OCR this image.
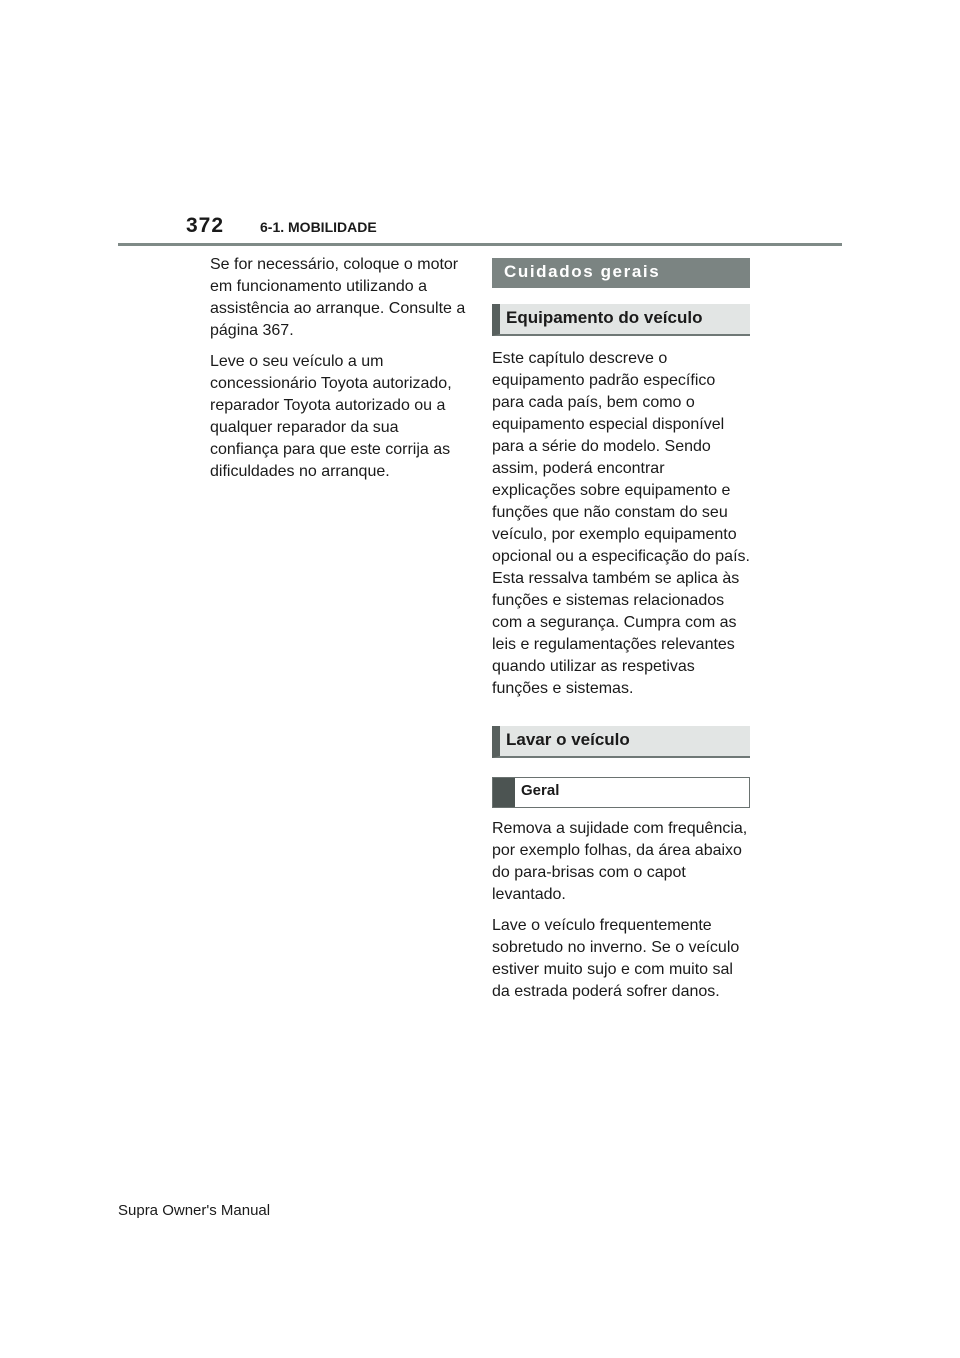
372	6-1. MOBILIDADE

Se for necessário, coloque o motor em funcionamento utilizando a assistência ao arranque. Consulte a página 367.

Leve o seu veículo a um concessionário Toyota autorizado, reparador Toyota autorizado ou a qualquer reparador da sua confiança para que este corrija as dificuldades no arranque.

Cuidados gerais
Equipamento do veículo

Este capítulo descreve o equipamento padrão específico para cada país, bem como o equipamento especial disponível para a série do modelo. Sendo assim, poderá encontrar explicações sobre equipamento e funções que não constam do seu veículo, por exemplo equipamento opcional ou a especificação do país. Esta ressalva também se aplica às funções e sistemas relacionados com a segurança. Cumpra com as leis e regulamentações relevantes quando utilizar as respetivas funções e sistemas.

Lavar o veículo
Geral

Remova a sujidade com frequência, por exemplo folhas, da área abaixo do para-brisas com o capot levantado.

Lave o veículo frequentemente sobretudo no inverno. Se o veículo estiver muito sujo e com muito sal da estrada poderá sofrer danos.

Supra Owner's Manual
